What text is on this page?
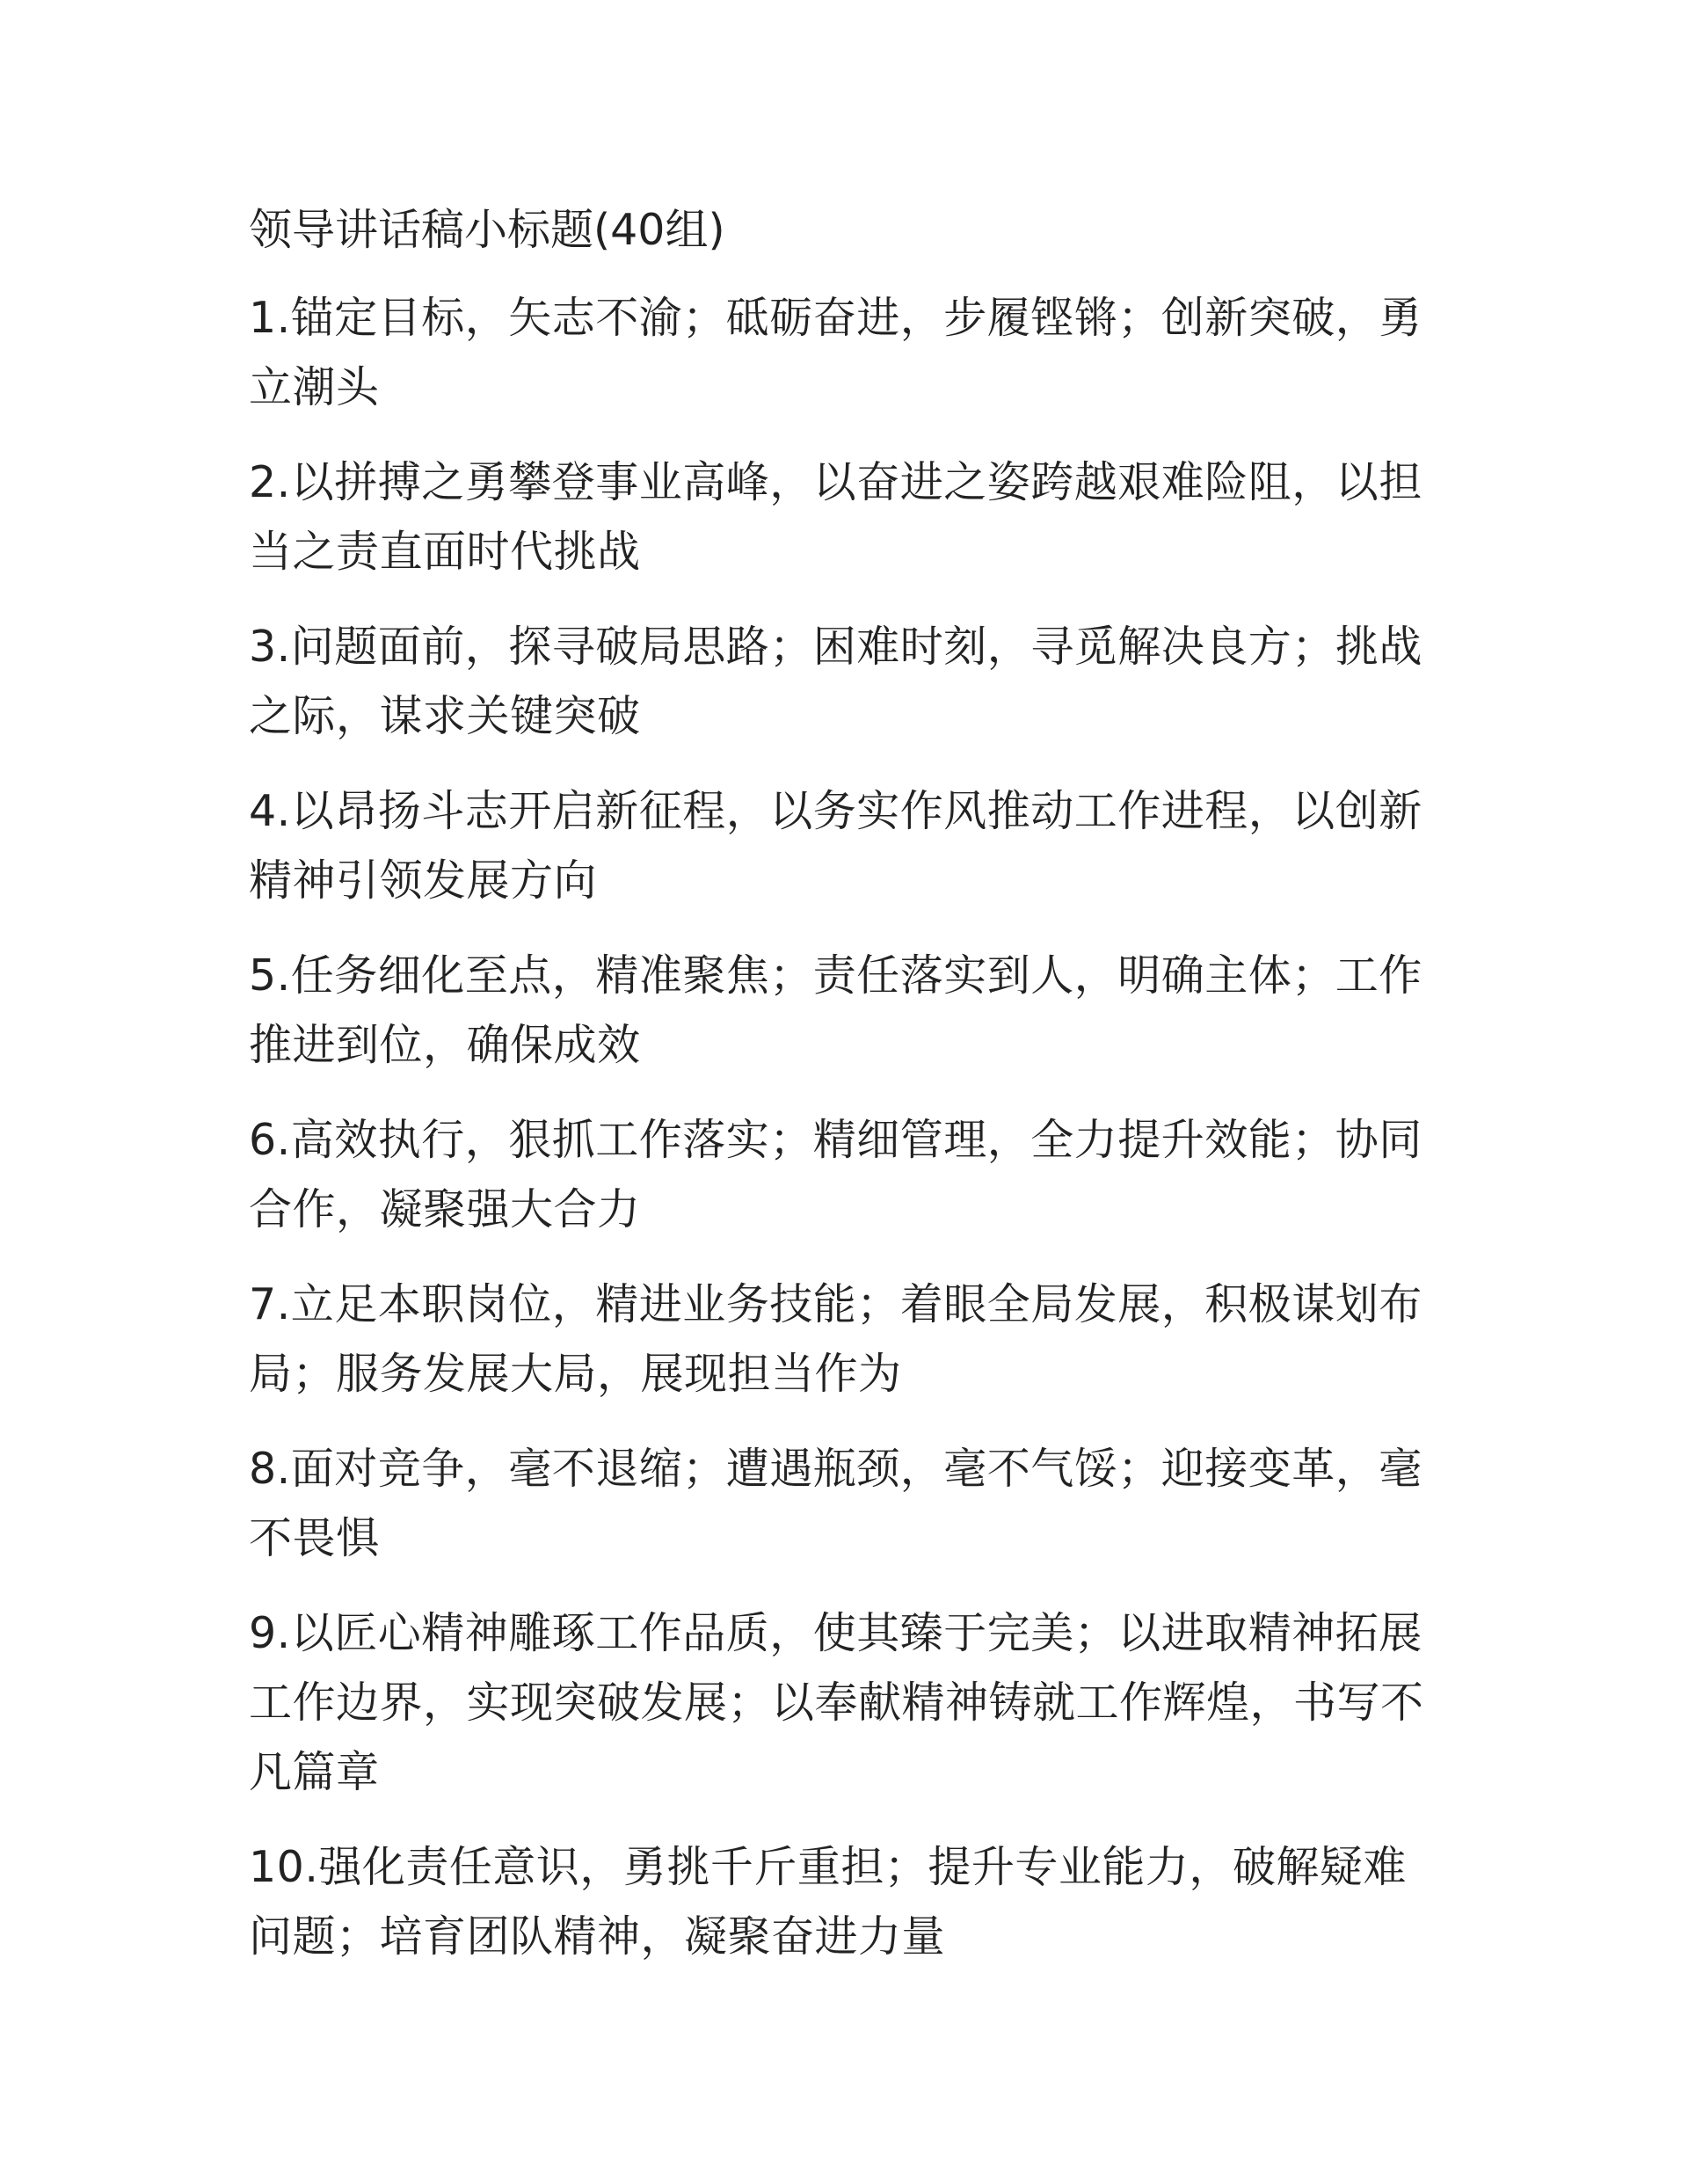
领导讲话稿小标题(40组)
1.锚定目标，矢志不渝；砥砺奋进，步履铿锵；创新突破，勇立潮头
2.以拼搏之勇攀登事业高峰，以奋进之姿跨越艰难险阻，以担当之责直面时代挑战
3.问题面前，探寻破局思路；困难时刻，寻觅解决良方；挑战之际，谋求关键突破
4.以昂扬斗志开启新征程，以务实作风推动工作进程，以创新精神引领发展方向
5.任务细化至点，精准聚焦；责任落实到人，明确主体；工作推进到位，确保成效
6.高效执行，狠抓工作落实；精细管理，全力提升效能；协同合作，凝聚强大合力
7.立足本职岗位，精进业务技能；着眼全局发展，积极谋划布局；服务发展大局，展现担当作为
8.面对竞争，毫不退缩；遭遇瓶颈，毫不气馁；迎接变革，毫不畏惧
9.以匠心精神雕琢工作品质，使其臻于完美；以进取精神拓展工作边界，实现突破发展；以奉献精神铸就工作辉煌，书写不凡篇章
10.强化责任意识，勇挑千斤重担；提升专业能力，破解疑难问题；培育团队精神，凝聚奋进力量
